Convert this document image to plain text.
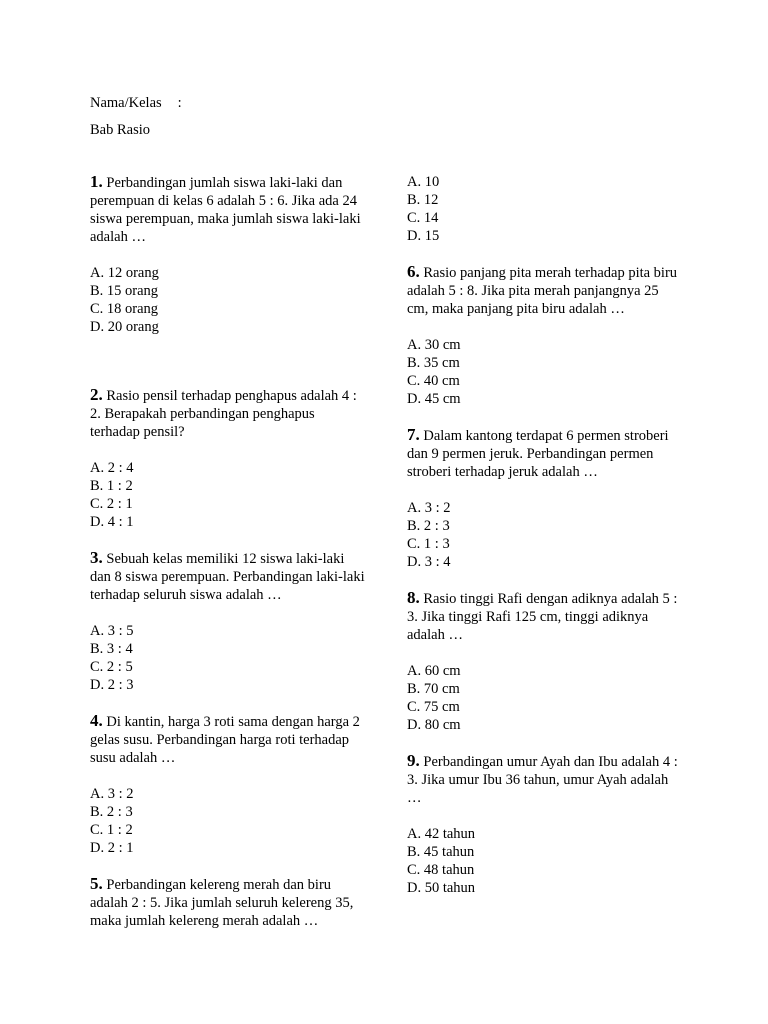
Nama/Kelas :
Bab Rasio

1. Perbandingan jumlah siswa laki-laki dan perempuan di kelas 6 adalah 5 : 6. Jika ada 24 siswa perempuan, maka jumlah siswa laki-laki adalah …

A. 12 orang
B. 15 orang
C. 18 orang
D. 20 orang

2. Rasio pensil terhadap penghapus adalah 4 : 2. Berapakah perbandingan penghapus terhadap pensil?

A. 2 : 4
B. 1 : 2
C. 2 : 1
D. 4 : 1

3. Sebuah kelas memiliki 12 siswa laki-laki dan 8 siswa perempuan. Perbandingan laki-laki terhadap seluruh siswa adalah …

A. 3 : 5
B. 3 : 4
C. 2 : 5
D. 2 : 3

4. Di kantin, harga 3 roti sama dengan harga 2 gelas susu. Perbandingan harga roti terhadap susu adalah …

A. 3 : 2
B. 2 : 3
C. 1 : 2
D. 2 : 1

5. Perbandingan kelereng merah dan biru adalah 2 : 5. Jika jumlah seluruh kelereng 35, maka jumlah kelereng merah adalah …

A. 10
B. 12
C. 14
D. 15

6. Rasio panjang pita merah terhadap pita biru adalah 5 : 8. Jika pita merah panjangnya 25 cm, maka panjang pita biru adalah …

A. 30 cm
B. 35 cm
C. 40 cm
D. 45 cm

7. Dalam kantong terdapat 6 permen stroberi dan 9 permen jeruk. Perbandingan permen stroberi terhadap jeruk adalah …

A. 3 : 2
B. 2 : 3
C. 1 : 3
D. 3 : 4

8. Rasio tinggi Rafi dengan adiknya adalah 5 : 3. Jika tinggi Rafi 125 cm, tinggi adiknya adalah …

A. 60 cm
B. 70 cm
C. 75 cm
D. 80 cm

9. Perbandingan umur Ayah dan Ibu adalah 4 : 3. Jika umur Ibu 36 tahun, umur Ayah adalah …

A. 42 tahun
B. 45 tahun
C. 48 tahun
D. 50 tahun
